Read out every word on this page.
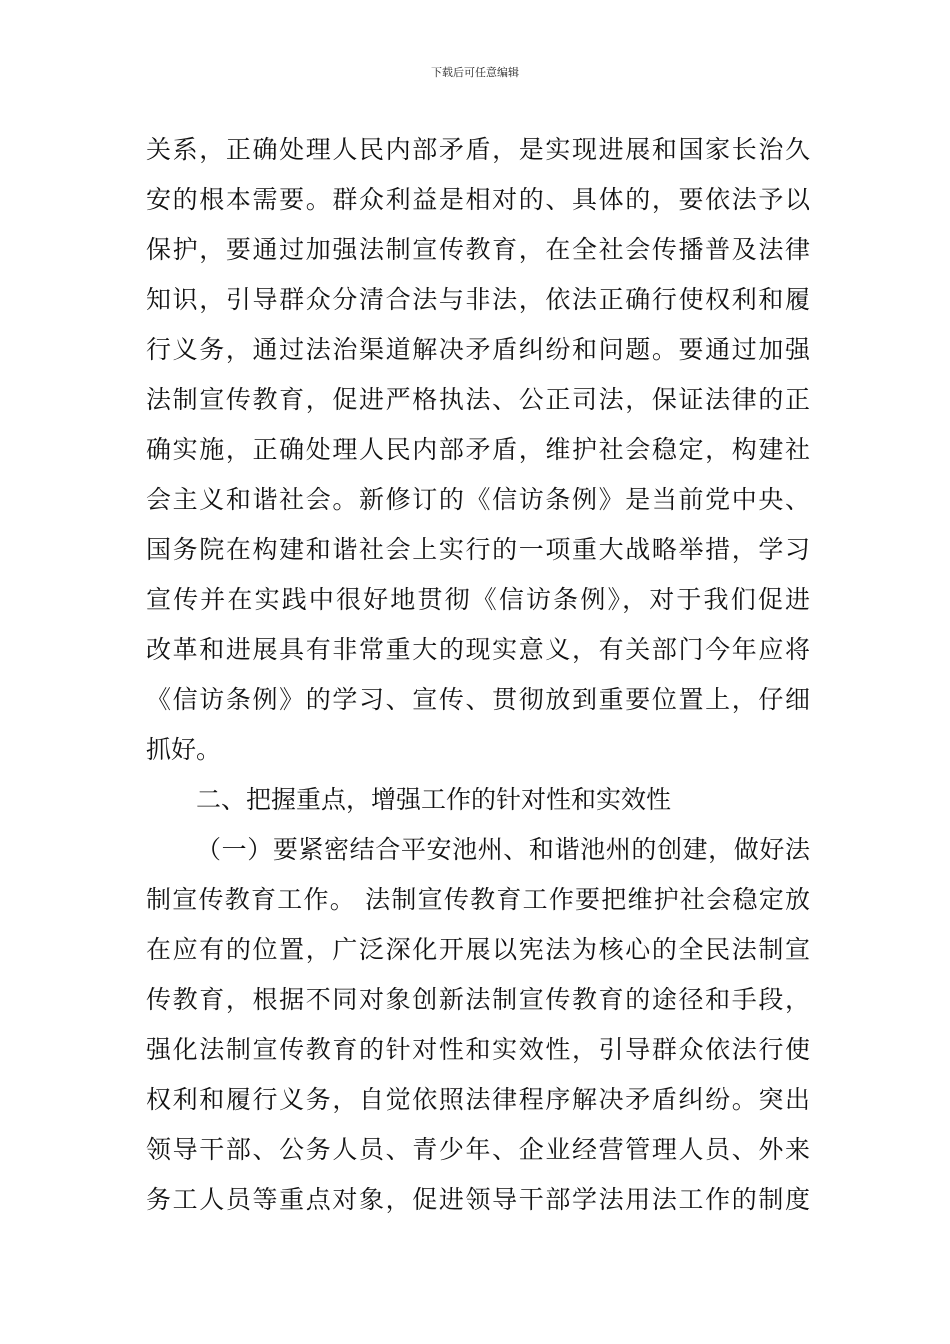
下载后可任意编辑
关系，正确处理人民内部矛盾，是实现进展和国家长治久
安的根本需要。群众利益是相对的、具体的，要依法予以
保护，要通过加强法制宣传教育，在全社会传播普及法律
知识，引导群众分清合法与非法，依法正确行使权利和履
行义务，通过法治渠道解决矛盾纠纷和问题。要通过加强
法制宣传教育，促进严格执法、公正司法，保证法律的正
确实施，正确处理人民内部矛盾，维护社会稳定，构建社
会主义和谐社会。新修订的《信访条例》是当前党中央、
国务院在构建和谐社会上实行的一项重大战略举措，学习
宣传并在实践中很好地贯彻《信访条例》，对于我们促进
改革和进展具有非常重大的现实意义，有关部门今年应将
《信访条例》的学习、宣传、贯彻放到重要位置上，仔细
抓好。
二、把握重点，增强工作的针对性和实效性
（一）要紧密结合平安池州、和谐池州的创建，做好法
制宣传教育工作。 法制宣传教育工作要把维护社会稳定放
在应有的位置，广泛深化开展以宪法为核心的全民法制宣
传教育，根据不同对象创新法制宣传教育的途径和手段，
强化法制宣传教育的针对性和实效性，引导群众依法行使
权利和履行义务，自觉依照法律程序解决矛盾纠纷。突出
领导干部、公务人员、青少年、企业经营管理人员、外来
务工人员等重点对象，促进领导干部学法用法工作的制度
